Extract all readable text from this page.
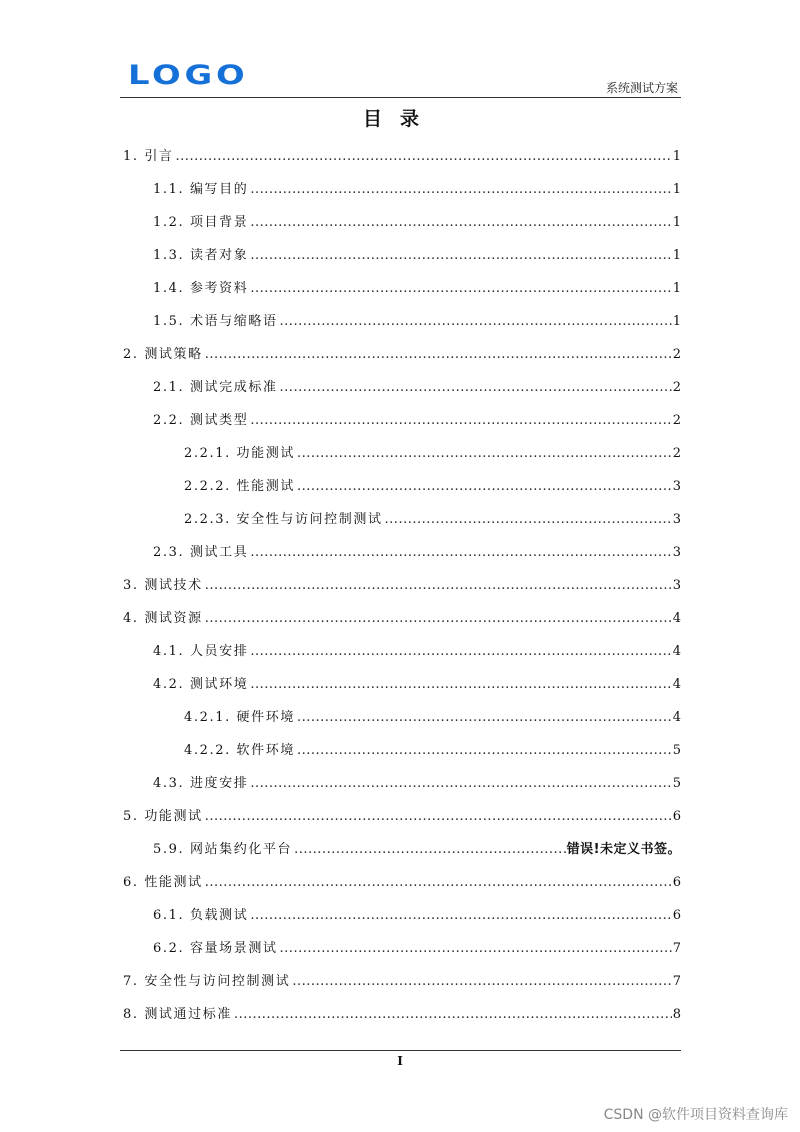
LOGO	系统测试方案
目录
1. 引言 .....	1
1.1. 编写目的 .....	1
1.2. 项目背景 .....	1
1.3. 读者对象 .....	1
1.4. 参考资料 .....	1
1.5. 术语与缩略语 .....	1
2. 测试策略 .....	2
2.1. 测试完成标准 .....	2
2.2. 测试类型 .....	2
2.2.1. 功能测试 .....	2
2.2.2. 性能测试 .....	3
2.2.3. 安全性与访问控制测试 .....	3
2.3. 测试工具 .....	3
3. 测试技术 .....	3
4. 测试资源 .....	4
4.1. 人员安排 .....	4
4.2. 测试环境 .....	4
4.2.1. 硬件环境 .....	4
4.2.2. 软件环境 .....	5
4.3. 进度安排 .....	5
5. 功能测试 .....	6
5.9. 网站集约化平台 .....	错误!未定义书签。
6. 性能测试 .....	6
6.1. 负载测试 .....	6
6.2. 容量场景测试 .....	7
7. 安全性与访问控制测试 .....	7
8. 测试通过标准 .....	8
I
CSDN @软件项目资料查询库
